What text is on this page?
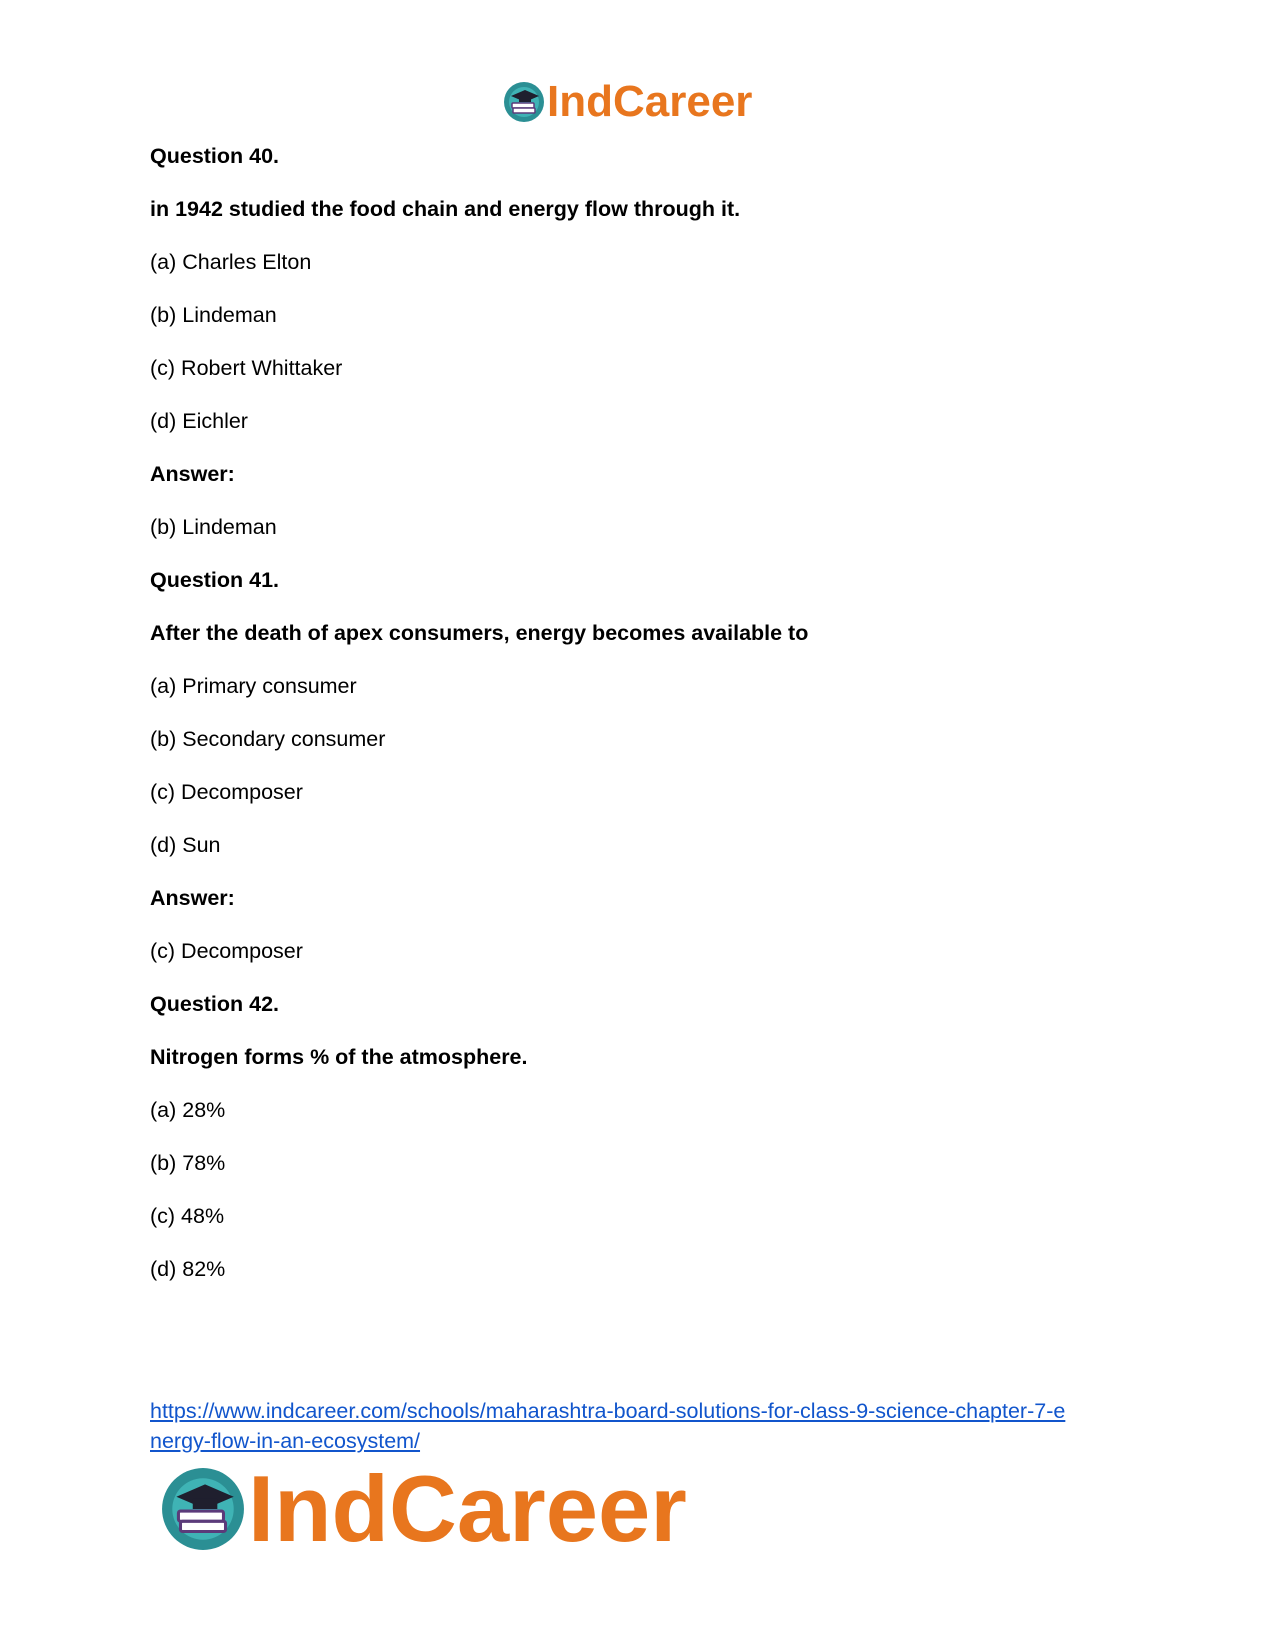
IndCareer
Question 40.
in 1942 studied the food chain and energy flow through it.
(a) Charles Elton
(b) Lindeman
(c) Robert Whittaker
(d) Eichler
Answer:
(b) Lindeman
Question 41.
After the death of apex consumers, energy becomes available to
(a) Primary consumer
(b) Secondary consumer
(c) Decomposer
(d) Sun
Answer:
(c) Decomposer
Question 42.
Nitrogen forms % of the atmosphere.
(a) 28%
(b) 78%
(c) 48%
(d) 82%
https://www.indcareer.com/schools/maharashtra-board-solutions-for-class-9-science-chapter-7-e
nergy-flow-in-an-ecosystem/
IndCareer
